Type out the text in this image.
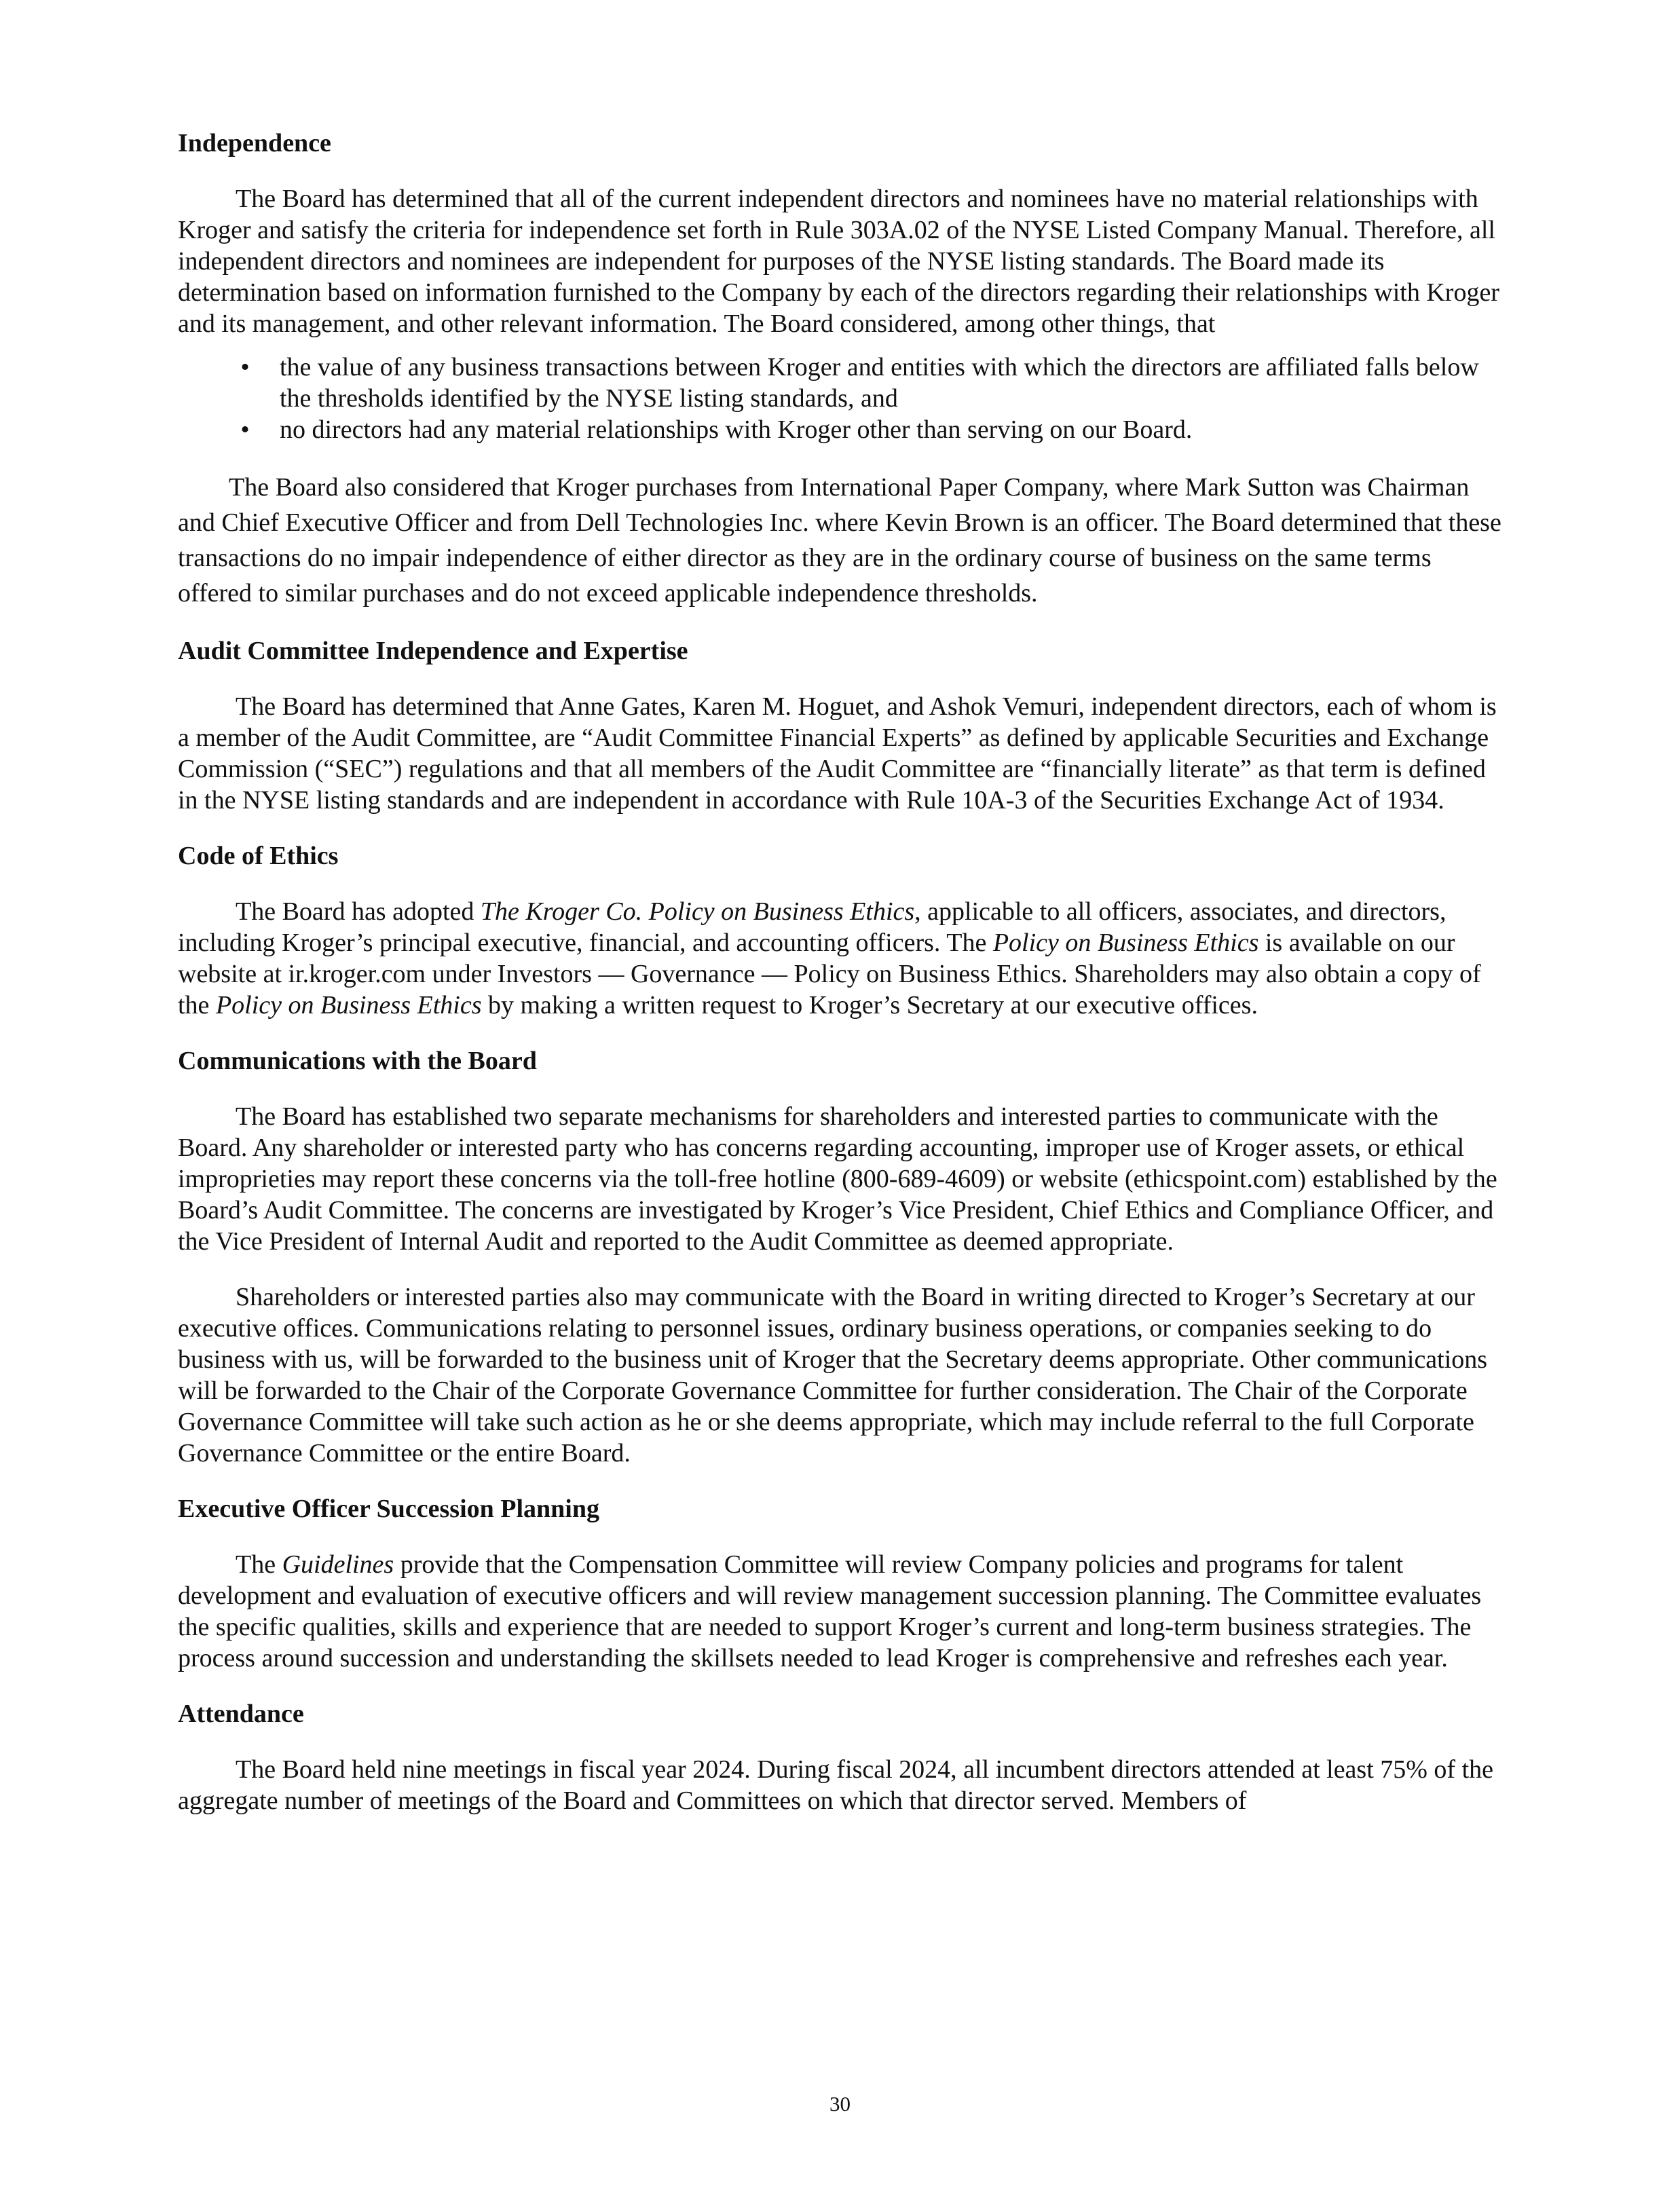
Independence

The Board has determined that all of the current independent directors and nominees have no material relationships with Kroger and satisfy the criteria for independence set forth in Rule 303A.02 of the NYSE Listed Company Manual. Therefore, all independent directors and nominees are independent for purposes of the NYSE listing standards. The Board made its determination based on information furnished to the Company by each of the directors regarding their relationships with Kroger and its management, and other relevant information. The Board considered, among other things, that

• the value of any business transactions between Kroger and entities with which the directors are affiliated falls below the thresholds identified by the NYSE listing standards, and
• no directors had any material relationships with Kroger other than serving on our Board.

The Board also considered that Kroger purchases from International Paper Company, where Mark Sutton was Chairman and Chief Executive Officer and from Dell Technologies Inc. where Kevin Brown is an officer. The Board determined that these transactions do no impair independence of either director as they are in the ordinary course of business on the same terms offered to similar purchases and do not exceed applicable independence thresholds.

Audit Committee Independence and Expertise

The Board has determined that Anne Gates, Karen M. Hoguet, and Ashok Vemuri, independent directors, each of whom is a member of the Audit Committee, are “Audit Committee Financial Experts” as defined by applicable Securities and Exchange Commission (“SEC”) regulations and that all members of the Audit Committee are “financially literate” as that term is defined in the NYSE listing standards and are independent in accordance with Rule 10A-3 of the Securities Exchange Act of 1934.

Code of Ethics

The Board has adopted The Kroger Co. Policy on Business Ethics, applicable to all officers, associates, and directors, including Kroger’s principal executive, financial, and accounting officers. The Policy on Business Ethics is available on our website at ir.kroger.com under Investors — Governance — Policy on Business Ethics. Shareholders may also obtain a copy of the Policy on Business Ethics by making a written request to Kroger’s Secretary at our executive offices.

Communications with the Board

The Board has established two separate mechanisms for shareholders and interested parties to communicate with the Board. Any shareholder or interested party who has concerns regarding accounting, improper use of Kroger assets, or ethical improprieties may report these concerns via the toll-free hotline (800-689-4609) or website (ethicspoint.com) established by the Board’s Audit Committee. The concerns are investigated by Kroger’s Vice President, Chief Ethics and Compliance Officer, and the Vice President of Internal Audit and reported to the Audit Committee as deemed appropriate.

Shareholders or interested parties also may communicate with the Board in writing directed to Kroger’s Secretary at our executive offices. Communications relating to personnel issues, ordinary business operations, or companies seeking to do business with us, will be forwarded to the business unit of Kroger that the Secretary deems appropriate. Other communications will be forwarded to the Chair of the Corporate Governance Committee for further consideration. The Chair of the Corporate Governance Committee will take such action as he or she deems appropriate, which may include referral to the full Corporate Governance Committee or the entire Board.

Executive Officer Succession Planning

The Guidelines provide that the Compensation Committee will review Company policies and programs for talent development and evaluation of executive officers and will review management succession planning. The Committee evaluates the specific qualities, skills and experience that are needed to support Kroger’s current and long-term business strategies. The process around succession and understanding the skillsets needed to lead Kroger is comprehensive and refreshes each year.

Attendance

The Board held nine meetings in fiscal year 2024. During fiscal 2024, all incumbent directors attended at least 75% of the aggregate number of meetings of the Board and Committees on which that director served. Members of

30
